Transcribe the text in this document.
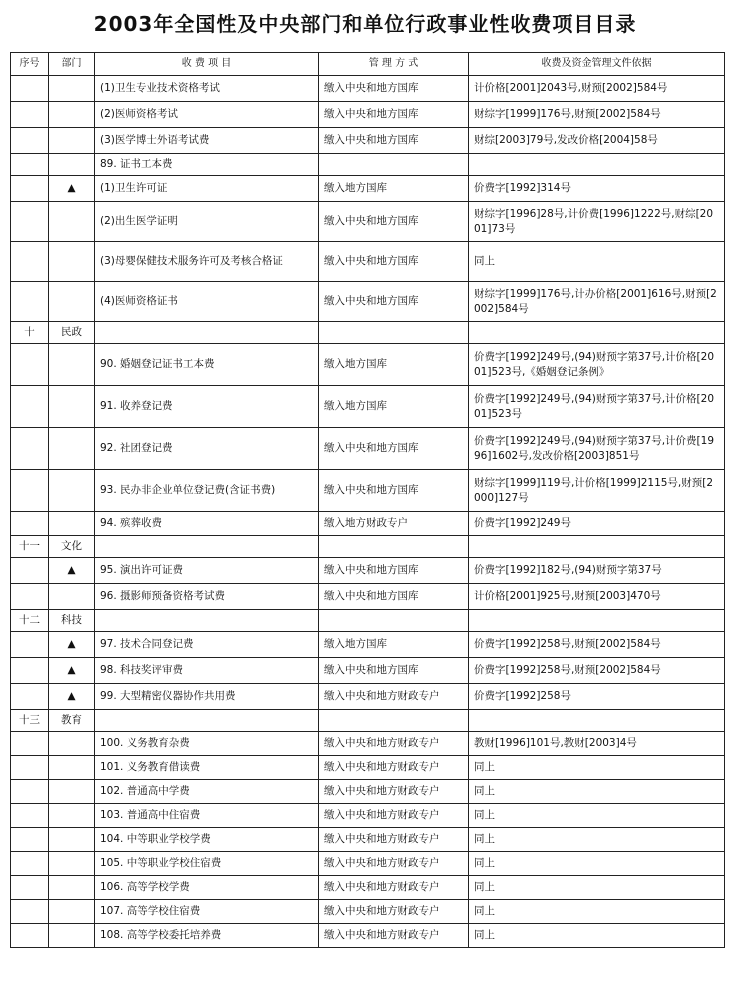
2003年全国性及中央部门和单位行政事业性收费项目目录
序号	部门	收 费 项 目	管 理 方 式	收费及资金管理文件依据
		(1)卫生专业技术资格考试	缴入中央和地方国库	计价格[2001]2043号,财预[2002]584号
		(2)医师资格考试	缴入中央和地方国库	财综字[1999]176号,财预[2002]584号
		(3)医学博士外语考试费	缴入中央和地方国库	财综[2003]79号,发改价格[2004]58号
		89. 证书工本费		
	▲	(1)卫生许可证	缴入地方国库	价费字[1992]314号
		(2)出生医学证明	缴入中央和地方国库	财综字[1996]28号,计价费[1996]1222号,财综[2001]73号
		(3)母婴保健技术服务许可及考核合格证	缴入中央和地方国库	同上
		(4)医师资格证书	缴入中央和地方国库	财综字[1999]176号,计办价格[2001]616号,财预[2002]584号
十	民政			
		90. 婚姻登记证书工本费	缴入地方国库	价费字[1992]249号,(94)财预字第37号,计价格[2001]523号,《婚姻登记条例》
		91. 收养登记费	缴入地方国库	价费字[1992]249号,(94)财预字第37号,计价格[2001]523号
		92. 社团登记费	缴入中央和地方国库	价费字[1992]249号,(94)财预字第37号,计价费[1996]1602号,发改价格[2003]851号
		93. 民办非企业单位登记费(含证书费)	缴入中央和地方国库	财综字[1999]119号,计价格[1999]2115号,财预[2000]127号
		94. 殡葬收费	缴入地方财政专户	价费字[1992]249号
十一	文化			
	▲	95. 演出许可证费	缴入中央和地方国库	价费字[1992]182号,(94)财预字第37号
		96. 摄影师预备资格考试费	缴入中央和地方国库	计价格[2001]925号,财预[2003]470号
十二	科技			
	▲	97. 技术合同登记费	缴入地方国库	价费字[1992]258号,财预[2002]584号
	▲	98. 科技奖评审费	缴入中央和地方国库	价费字[1992]258号,财预[2002]584号
	▲	99. 大型精密仪器协作共用费	缴入中央和地方财政专户	价费字[1992]258号
十三	教育			
		100. 义务教育杂费	缴入中央和地方财政专户	教财[1996]101号,教财[2003]4号
		101. 义务教育借读费	缴入中央和地方财政专户	同上
		102. 普通高中学费	缴入中央和地方财政专户	同上
		103. 普通高中住宿费	缴入中央和地方财政专户	同上
		104. 中等职业学校学费	缴入中央和地方财政专户	同上
		105. 中等职业学校住宿费	缴入中央和地方财政专户	同上
		106. 高等学校学费	缴入中央和地方财政专户	同上
		107. 高等学校住宿费	缴入中央和地方财政专户	同上
		108. 高等学校委托培养费	缴入中央和地方财政专户	同上
